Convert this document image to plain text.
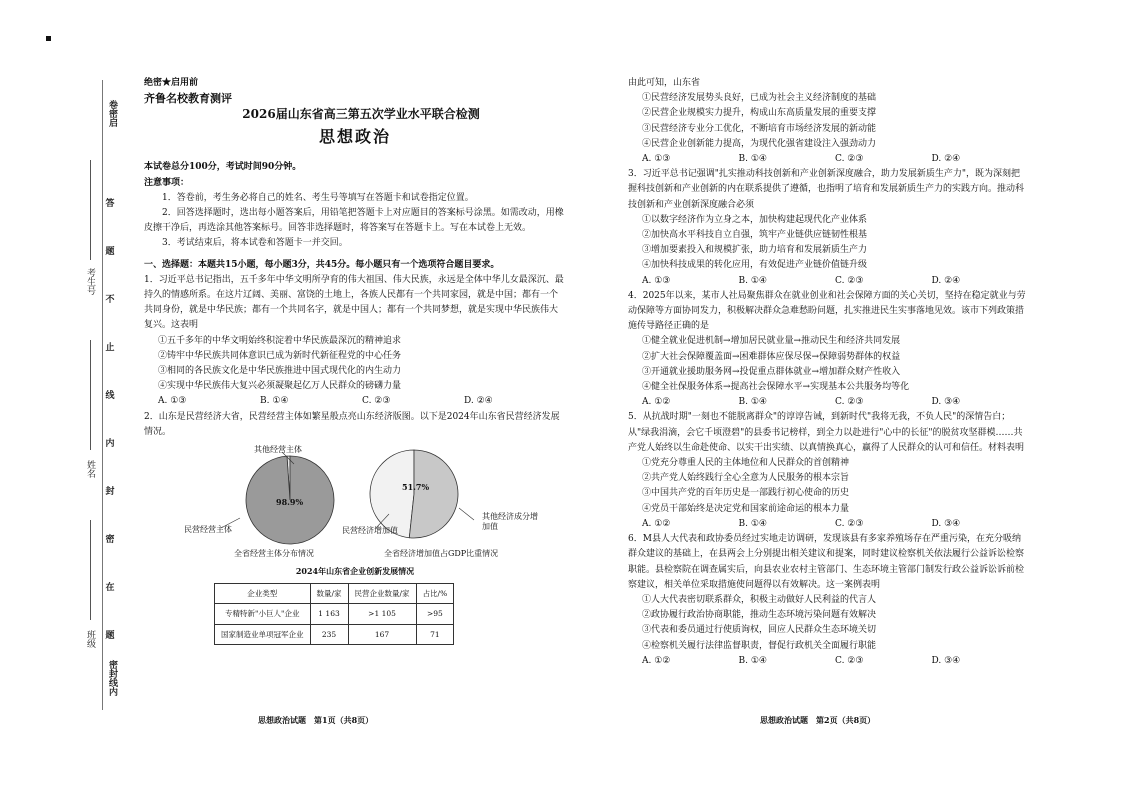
考生号
姓名
班级
卷密启
密封线内
答
题
不
止
线
内
封
密
在
题
绝密★启用前
齐鲁名校教育测评
2026届山东省高三第五次学业水平联合检测
思想政治
本试卷总分100分，考试时间90分钟。
注意事项：
1．答卷前，考生务必将自己的姓名、考生号等填写在答题卡和试卷指定位置。
2．回答选择题时，选出每小题答案后，用铅笔把答题卡上对应题目的答案标号涂黑。如需改动，用橡皮擦干净后，再选涂其他答案标号。回答非选择题时，将答案写在答题卡上。写在本试卷上无效。
3．考试结束后，将本试卷和答题卡一并交回。
一、选择题：本题共15小题，每小题3分，共45分。每小题只有一个选项符合题目要求。
1．习近平总书记指出，五千多年中华文明所孕育的伟大祖国、伟大民族，永远是全体中华儿女最深沉、最持久的情感所系。在这片辽阔、美丽、富饶的土地上，各族人民都有一个共同家园，就是中国；都有一个共同身份，就是中华民族；都有一个共同名字，就是中国人；都有一个共同梦想，就是实现中华民族伟大复兴。这表明
①五千多年的中华文明始终积淀着中华民族最深沉的精神追求
②铸牢中华民族共同体意识已成为新时代新征程党的中心任务
③相同的各民族文化是中华民族推进中国式现代化的内生动力
④实现中华民族伟大复兴必须凝聚起亿万人民群众的磅礴力量
A. ①③	B. ①④	C. ②③	D. ②④
2．山东是民营经济大省，民营经营主体如繁星般点亮山东经济版图。以下是2024年山东省民营经济发展情况。
其他经营主体
98.9%
民营经营主体
全省经营主体分布情况
51.7%
民营经济增加值
其他经济成分增加值
全省经济增加值占GDP比重情况
2024年山东省企业创新发展情况
企业类型	数量/家	民营企业数量/家	占比/%
专精特新"小巨人"企业	1 163	>1 105	>95
国家制造业单项冠军企业	235	167	71
思想政治试题　第1页（共8页）
由此可知，山东省
①民营经济发展势头良好，已成为社会主义经济制度的基础
②民营企业规模实力提升，构成山东高质量发展的重要支撑
③民营经济专业分工优化，不断培育市场经济发展的新动能
④民营企业创新能力提高，为现代化强省建设注入强劲动力
A. ①③	B. ①④	C. ②③	D. ②④
3．习近平总书记强调"扎实推动科技创新和产业创新深度融合，助力发展新质生产力"，既为深刻把握科技创新和产业创新的内在联系提供了遵循，也指明了培育和发展新质生产力的实践方向。推动科技创新和产业创新深度融合必须
①以数字经济作为立身之本，加快构建起现代化产业体系
②加快高水平科技自立自强，筑牢产业链供应链韧性根基
③增加要素投入和规模扩张，助力培育和发展新质生产力
④加快科技成果的转化应用，有效促进产业链价值链升级
A. ①③	B. ①④	C. ②③	D. ②④
4．2025年以来，某市人社局聚焦群众在就业创业和社会保障方面的关心关切，坚持在稳定就业与劳动保障等方面协同发力，积极解决群众急难愁盼问题，扎实推进民生实事落地见效。该市下列政策措施传导路径正确的是
①健全就业促进机制→增加居民就业量→推动民生和经济共同发展
②扩大社会保障覆盖面→困难群体应保尽保→保障弱势群体的权益
③开通就业援助服务网→投促重点群体就业→增加群众财产性收入
④健全社保服务体系→提高社会保障水平→实现基本公共服务均等化
A. ①②	B. ①④	C. ②③	D. ③④
5．从抗战时期"一刻也不能脱离群众"的谆谆告诫，到新时代"我将无我，不负人民"的深情告白；从"绿我涓滴，会它千顷澄碧"的县委书记榜样，到全力以赴进行"心中的长征"的脱贫攻坚群模……共产党人始终以生命赴使命、以实干出实绩、以真情换真心，赢得了人民群众的认可和信任。材料表明
①党充分尊重人民的主体地位和人民群众的首创精神
②共产党人始终践行全心全意为人民服务的根本宗旨
③中国共产党的百年历史是一部践行初心使命的历史
④党员干部始终是决定党和国家前途命运的根本力量
A. ①②	B. ①④	C. ②③	D. ③④
6．M县人大代表和政协委员经过实地走访调研，发现该县有多家养殖场存在严重污染，在充分吸纳群众建议的基础上，在县两会上分别提出相关建议和提案，同时建议检察机关依法履行公益诉讼检察职能。县检察院在调查属实后，向县农业农村主管部门、生态环境主管部门制发行政公益诉讼诉前检察建议，相关单位采取措施使问题得以有效解决。这一案例表明
①人大代表密切联系群众，积极主动做好人民利益的代言人
②政协履行政治协商职能，推动生态环境污染问题有效解决
③代表和委员通过行使质询权，回应人民群众生态环境关切
④检察机关履行法律监督职责，督促行政机关全面履行职能
A. ①②	B. ①④	C. ②③	D. ③④
思想政治试题　第2页（共8页）
